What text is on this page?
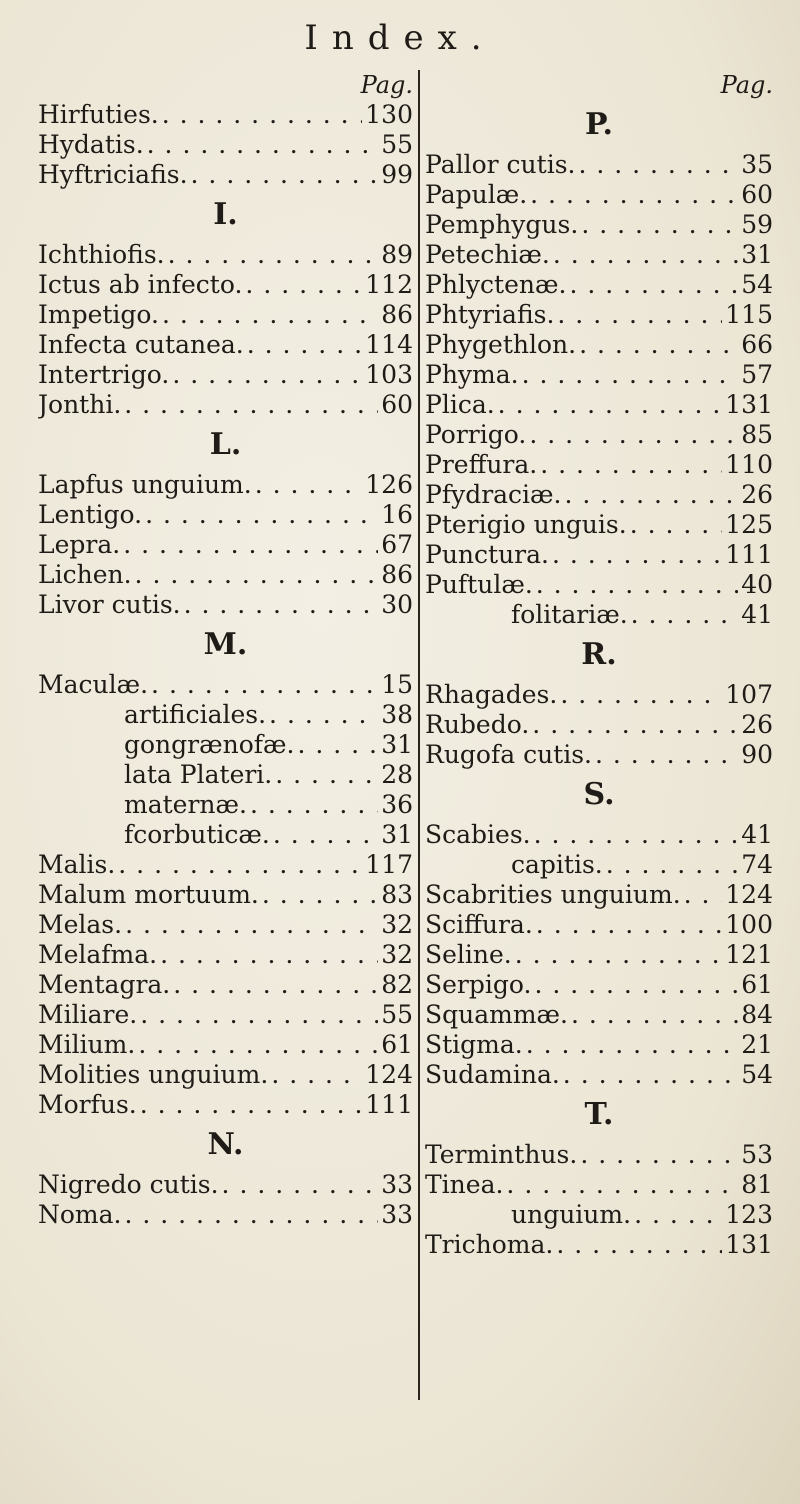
Index.
Pag.
Hirfuties. . . .	130
Hydatis. . . .	55
Hyftriciafis. . . .	99
I.
Ichthiofis. . . .	89
Ictus ab infecto. . . .	112
Impetigo. . . .	86
Infecta cutanea. . . .	114
Intertrigo. . . .	103
Jonthi. . . .	60
L.
Lapfus unguium. . . .	126
Lentigo. . . .	16
Lepra. . . .	67
Lichen. . . .	86
Livor cutis. . . .	30
M.
Maculæ. . . .	15
artificiales. . . .	38
gongrænofæ. . . .	31
lata Plateri. . . .	28
maternæ. . . .	36
fcorbuticæ. . . .	31
Malis. . . .	117
Malum mortuum. . . .	83
Melas. . . .	32
Melafma. . . .	32
Mentagra. . . .	82
Miliare. . . .	55
Milium. . . .	61
Molities unguium. . . .	124
Morfus. . . .	111
N.
Nigredo cutis. . . .	33
Noma. . . .	33
Pag.
P.
Pallor cutis. . . .	35
Papulæ. . . .	60
Pemphygus. . . .	59
Petechiæ. . . .	31
Phlyctenæ. . . .	54
Phtyriafis. . . .	115
Phygethlon. . . .	66
Phyma. . . .	57
Plica. . . .	131
Porrigo. . . .	85
Preffura. . . .	110
Pfydraciæ. . . .	26
Pterigio unguis. . . .	125
Punctura. . . .	111
Puftulæ. . . .	40
folitariæ. . . .	41
R.
Rhagades. . . .	107
Rubedo. . . .	26
Rugofa cutis. . . .	90
S.
Scabies. . . .	41
capitis. . . .	74
Scabrities unguium. . . . 124
Sciffura. . . .	100
Seline. . . .	121
Serpigo. . . .	61
Squammæ. . . .	84
Stigma. . . .	21
Sudamina. . . .	54
T.
Terminthus. . . .	53
Tinea. . . .	81
unguium. . . .	123
Trichoma. . . .	131
